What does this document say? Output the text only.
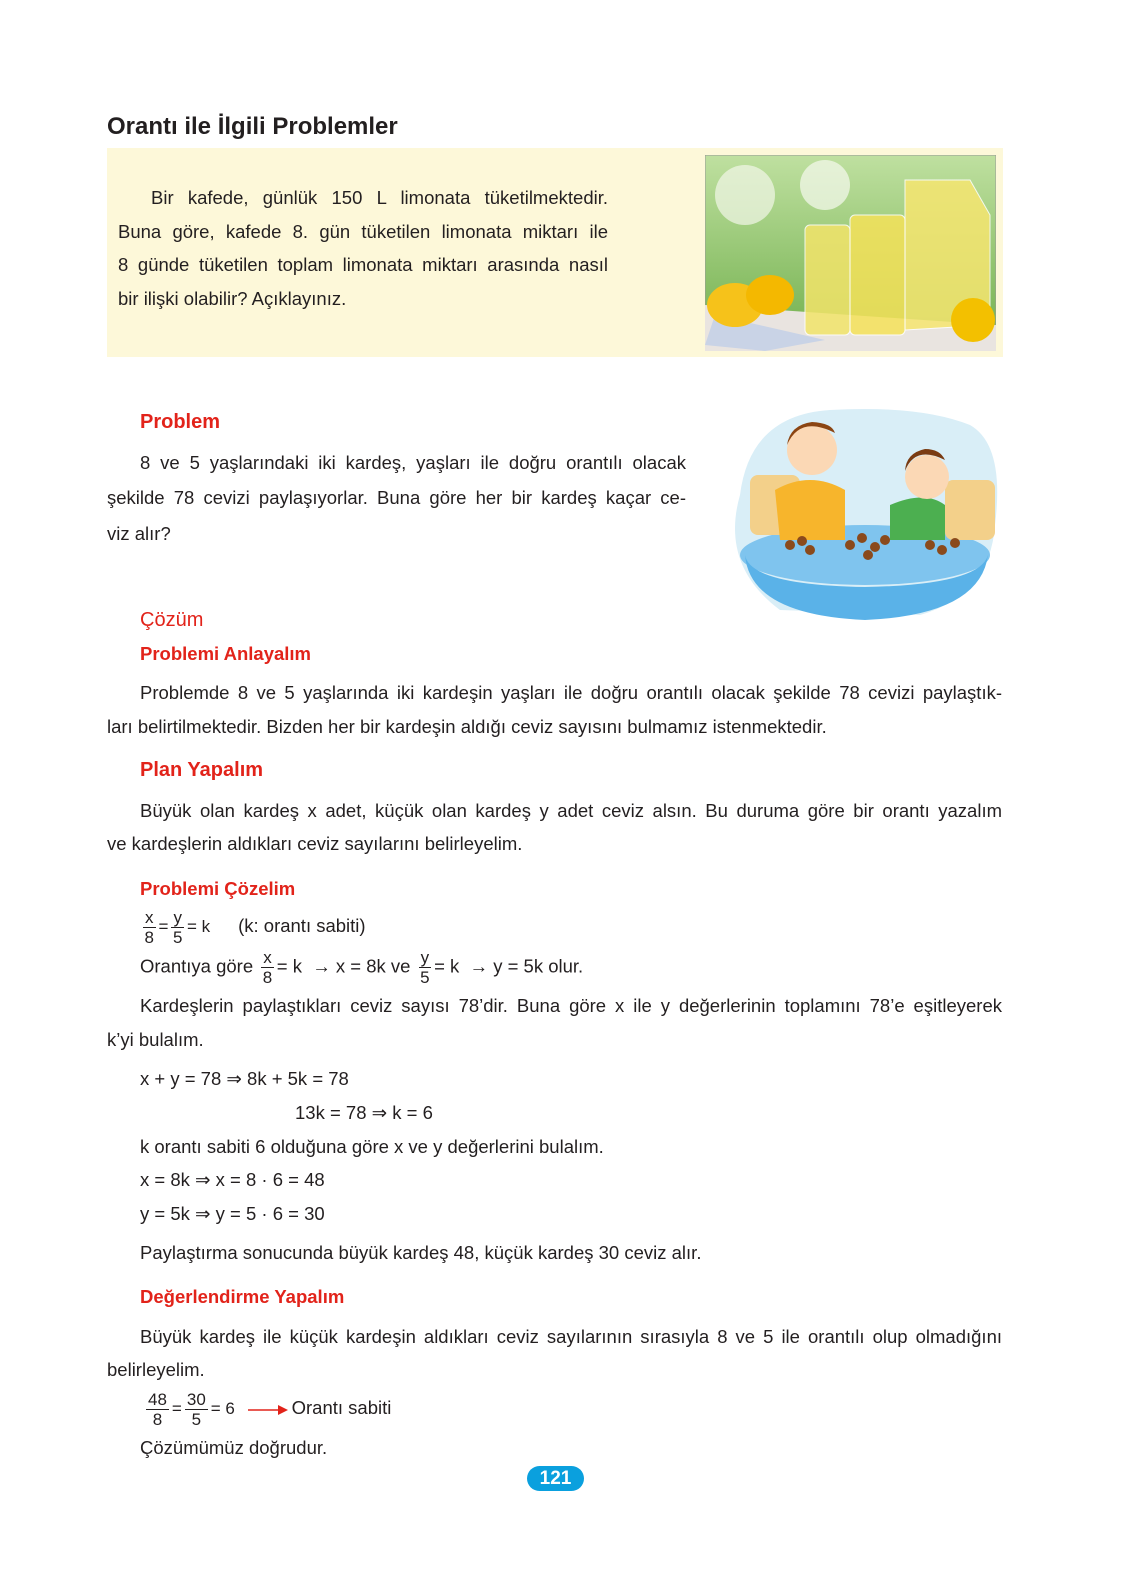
Orantı ile İlgili Problemler
Bir kafede, günlük 150 L limonata tüketilmektedir.
Buna göre, kafede 8. gün tüketilen limonata miktarı ile
8 günde tüketilen toplam limonata miktarı arasında nasıl
bir ilişki olabilir? Açıklayınız.
Problem
8 ve 5 yaşlarındaki iki kardeş, yaşları ile doğru orantılı olacak
şekilde 78 cevizi paylaşıyorlar. Buna göre her bir kardeş kaçar ce-
viz alır?
Çözüm
Problemi Anlayalım
Problemde 8 ve 5 yaşlarında iki kardeşin yaşları ile doğru orantılı olacak şekilde 78 cevizi paylaştık-
ları belirtilmektedir. Bizden her bir kardeşin aldığı ceviz sayısını bulmamız istenmektedir.
Plan Yapalım
Büyük olan kardeş x adet, küçük olan kardeş y adet ceviz alsın. Bu duruma göre bir orantı yazalım
ve kardeşlerin aldıkları ceviz sayılarını belirleyelim.
Problemi Çözelim
$\frac{x}{8} = \frac{y}{5} = k$ (k: orantı sabiti)
Orantıya göre $\frac{x}{8} = k \to x = 8k$ ve $\frac{y}{5} = k \to y = 5k$ olur.
Kardeşlerin paylaştıkları ceviz sayısı 78’dir. Buna göre x ile y değerlerinin toplamını 78’e eşitleyerek
k’yi bulalım.
x + y = 78 ⇒ 8k + 5k = 78
13k = 78 ⇒ k = 6
k orantı sabiti 6 olduğuna göre x ve y değerlerini bulalım.
x = 8k ⇒ x = 8 · 6 = 48
y = 5k ⇒ y = 5 · 6 = 30
Paylaştırma sonucunda büyük kardeş 48, küçük kardeş 30 ceviz alır.
Değerlendirme Yapalım
Büyük kardeş ile küçük kardeşin aldıkları ceviz sayılarının sırasıyla 8 ve 5 ile orantılı olup olmadığını
belirleyelim.
$\frac{48}{8} = \frac{30}{5} = 6$	Orantı sabiti
Çözümümüz doğrudur.
121
